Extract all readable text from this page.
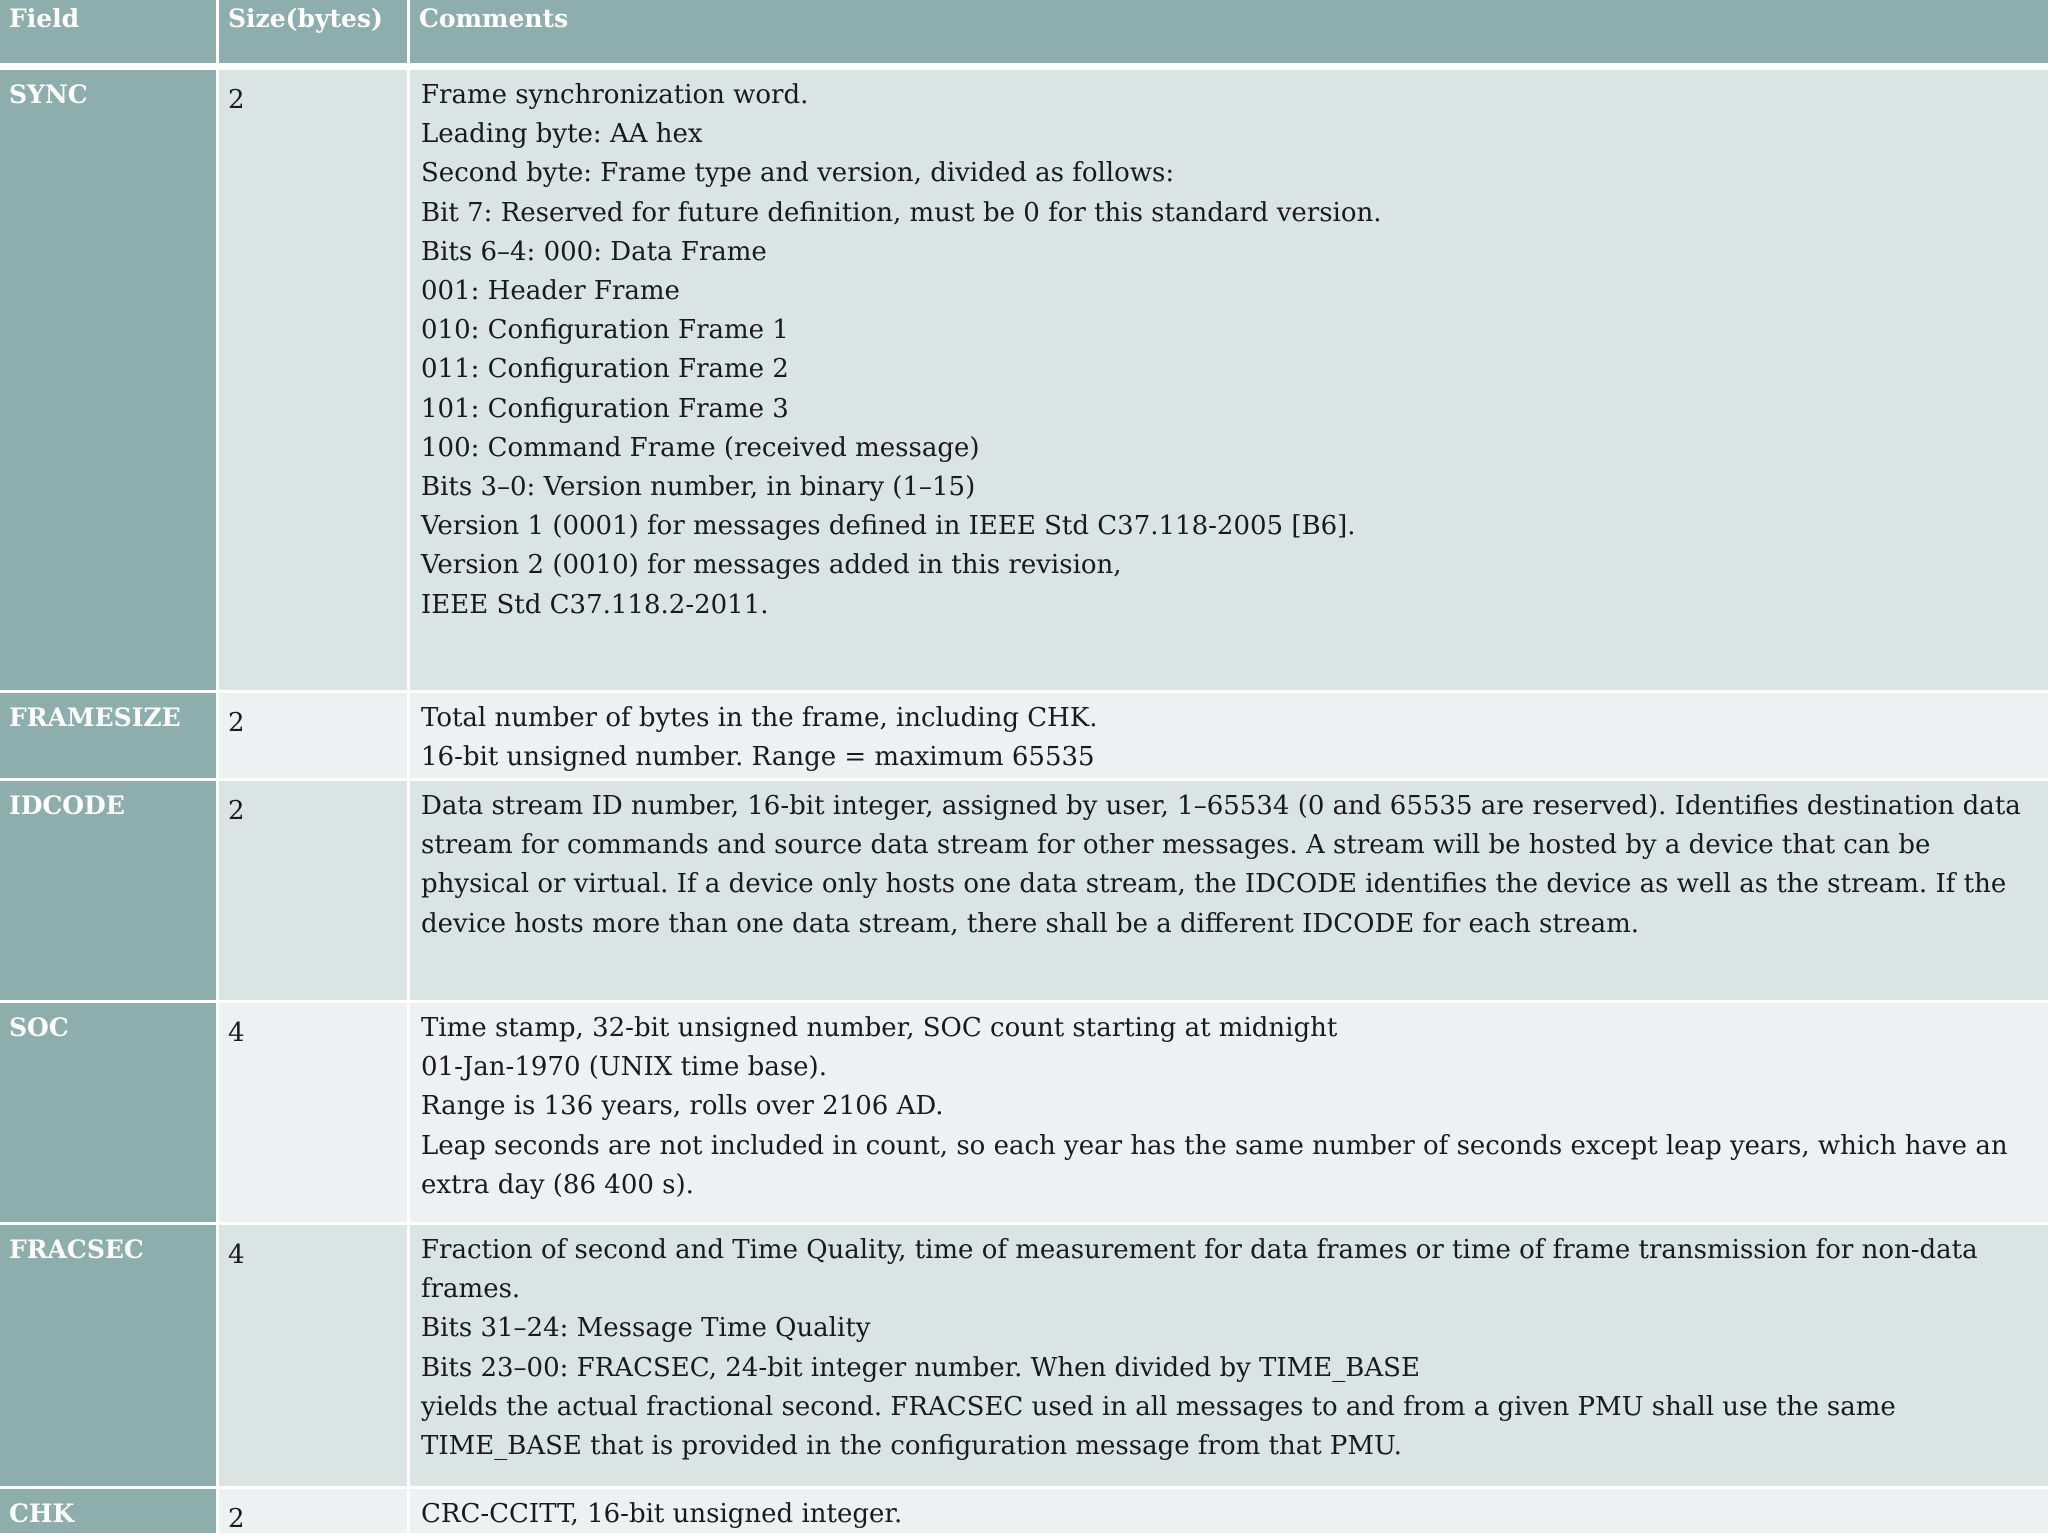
Field	Size(bytes)	Comments
SYNC	2	Frame synchronization word.
Leading byte: AA hex
Second byte: Frame type and version, divided as follows:
Bit 7: Reserved for future definition, must be 0 for this standard version.
Bits 6–4: 000: Data Frame
001: Header Frame
010: Configuration Frame 1
011: Configuration Frame 2
101: Configuration Frame 3
100: Command Frame (received message)
Bits 3–0: Version number, in binary (1–15)
Version 1 (0001) for messages defined in IEEE Std C37.118-2005 [B6].
Version 2 (0010) for messages added in this revision,
IEEE Std C37.118.2-2011.
FRAMESIZE	2	Total number of bytes in the frame, including CHK.
16-bit unsigned number. Range = maximum 65535
IDCODE	2	Data stream ID number, 16-bit integer, assigned by user, 1–65534 (0 and 65535 are reserved). Identifies destination data stream for commands and source data stream for other messages. A stream will be hosted by a device that can be physical or virtual. If a device only hosts one data stream, the IDCODE identifies the device as well as the stream. If the device hosts more than one data stream, there shall be a different IDCODE for each stream.
SOC	4	Time stamp, 32-bit unsigned number, SOC count starting at midnight
01-Jan-1970 (UNIX time base).
Range is 136 years, rolls over 2106 AD.
Leap seconds are not included in count, so each year has the same number of seconds except leap years, which have an extra day (86 400 s).
FRACSEC	4	Fraction of second and Time Quality, time of measurement for data frames or time of frame transmission for non-data frames.
Bits 31–24: Message Time Quality
Bits 23–00: FRACSEC, 24-bit integer number. When divided by TIME_BASE
yields the actual fractional second. FRACSEC used in all messages to and from a given PMU shall use the same TIME_BASE that is provided in the configuration message from that PMU.
CHK	2	CRC-CCITT, 16-bit unsigned integer.
